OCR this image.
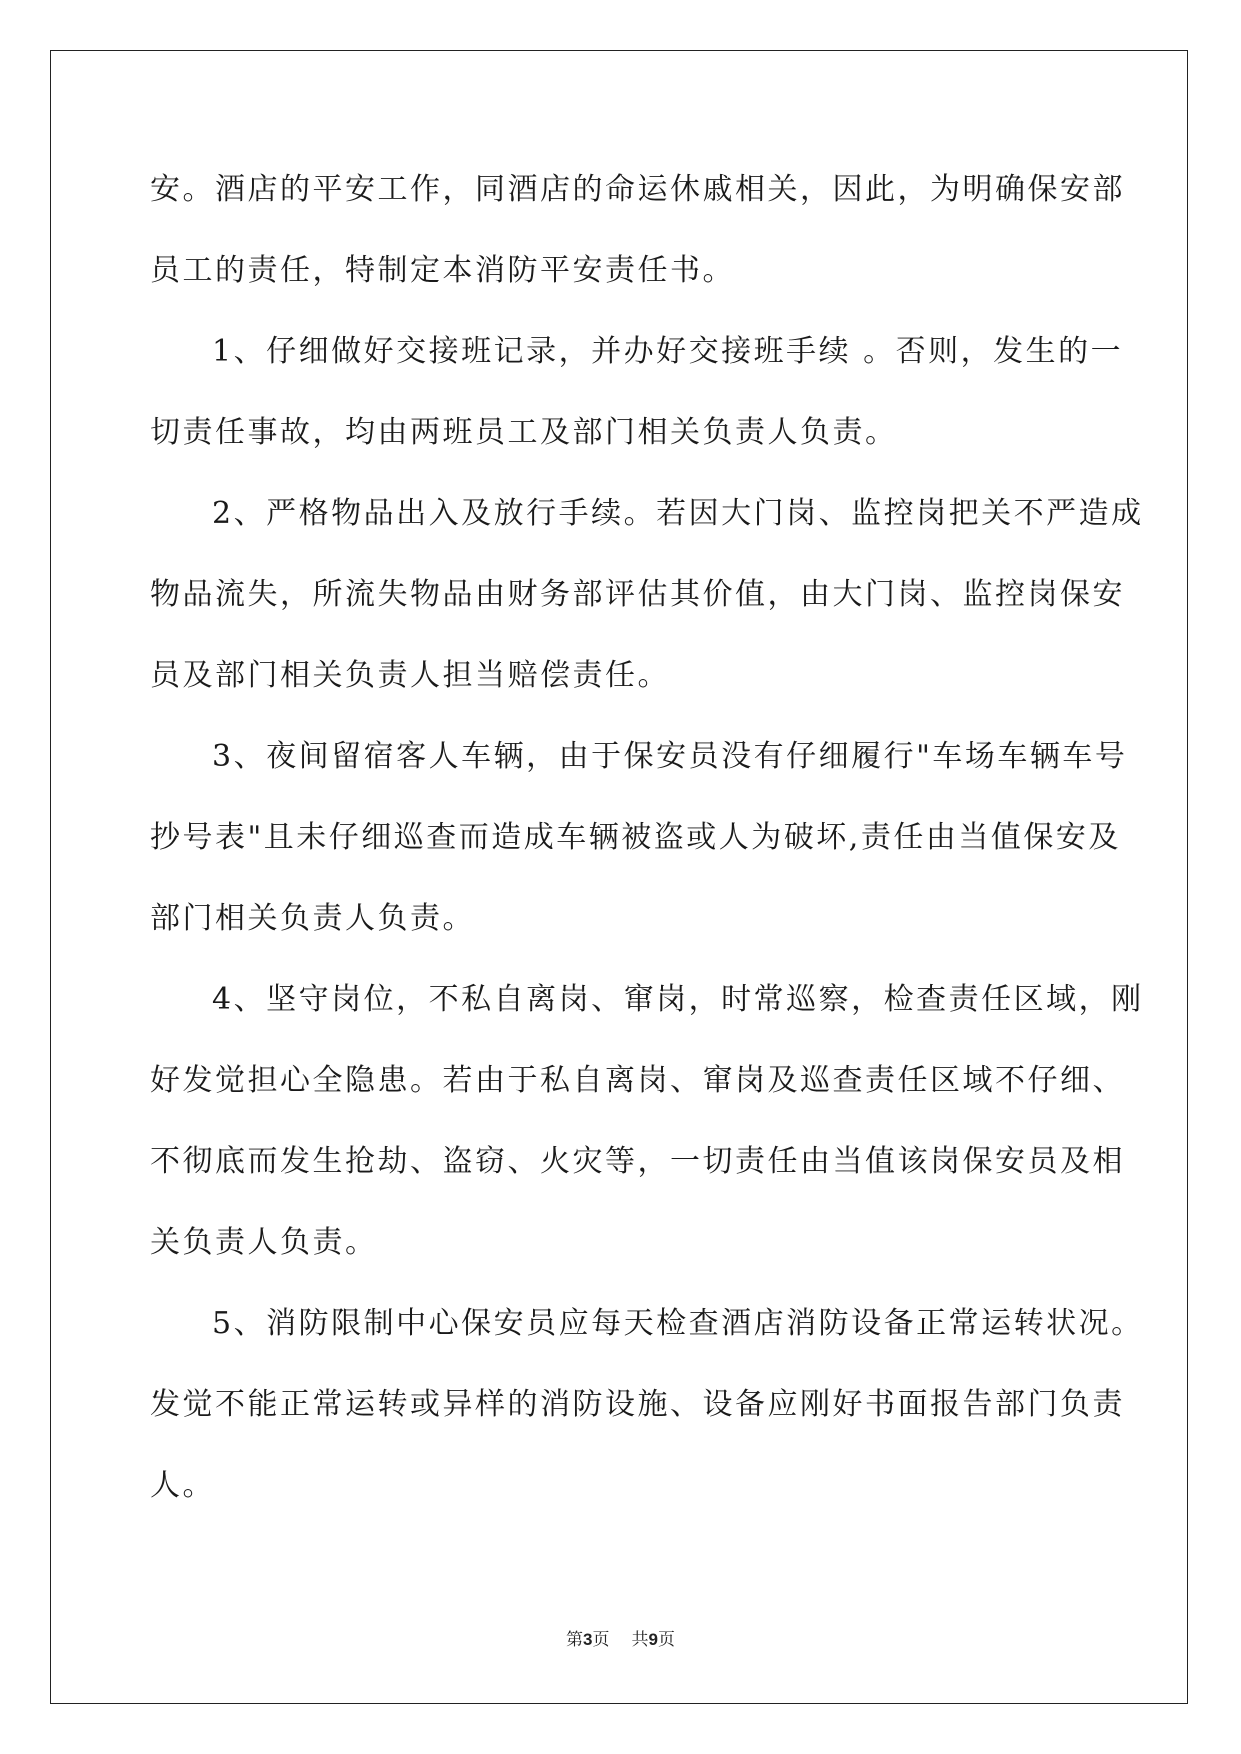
安。酒店的平安工作，同酒店的命运休戚相关，因此，为明确保安部
员工的责任，特制定本消防平安责任书。
1、仔细做好交接班记录，并办好交接班手续 。否则，发生的一
切责任事故，均由两班员工及部门相关负责人负责。
2、严格物品出入及放行手续。若因大门岗、监控岗把关不严造成
物品流失，所流失物品由财务部评估其价值，由大门岗、监控岗保安
员及部门相关负责人担当赔偿责任。
3、夜间留宿客人车辆，由于保安员没有仔细履行"车场车辆车号
抄号表"且未仔细巡查而造成车辆被盗或人为破坏,责任由当值保安及
部门相关负责人负责。
4、坚守岗位，不私自离岗、窜岗，时常巡察，检查责任区域，刚
好发觉担心全隐患。若由于私自离岗、窜岗及巡查责任区域不仔细、
不彻底而发生抢劫、盗窃、火灾等，一切责任由当值该岗保安员及相
关负责人负责。
5、消防限制中心保安员应每天检查酒店消防设备正常运转状况。
发觉不能正常运转或异样的消防设施、设备应刚好书面报告部门负责
人。
第3页 共9页
